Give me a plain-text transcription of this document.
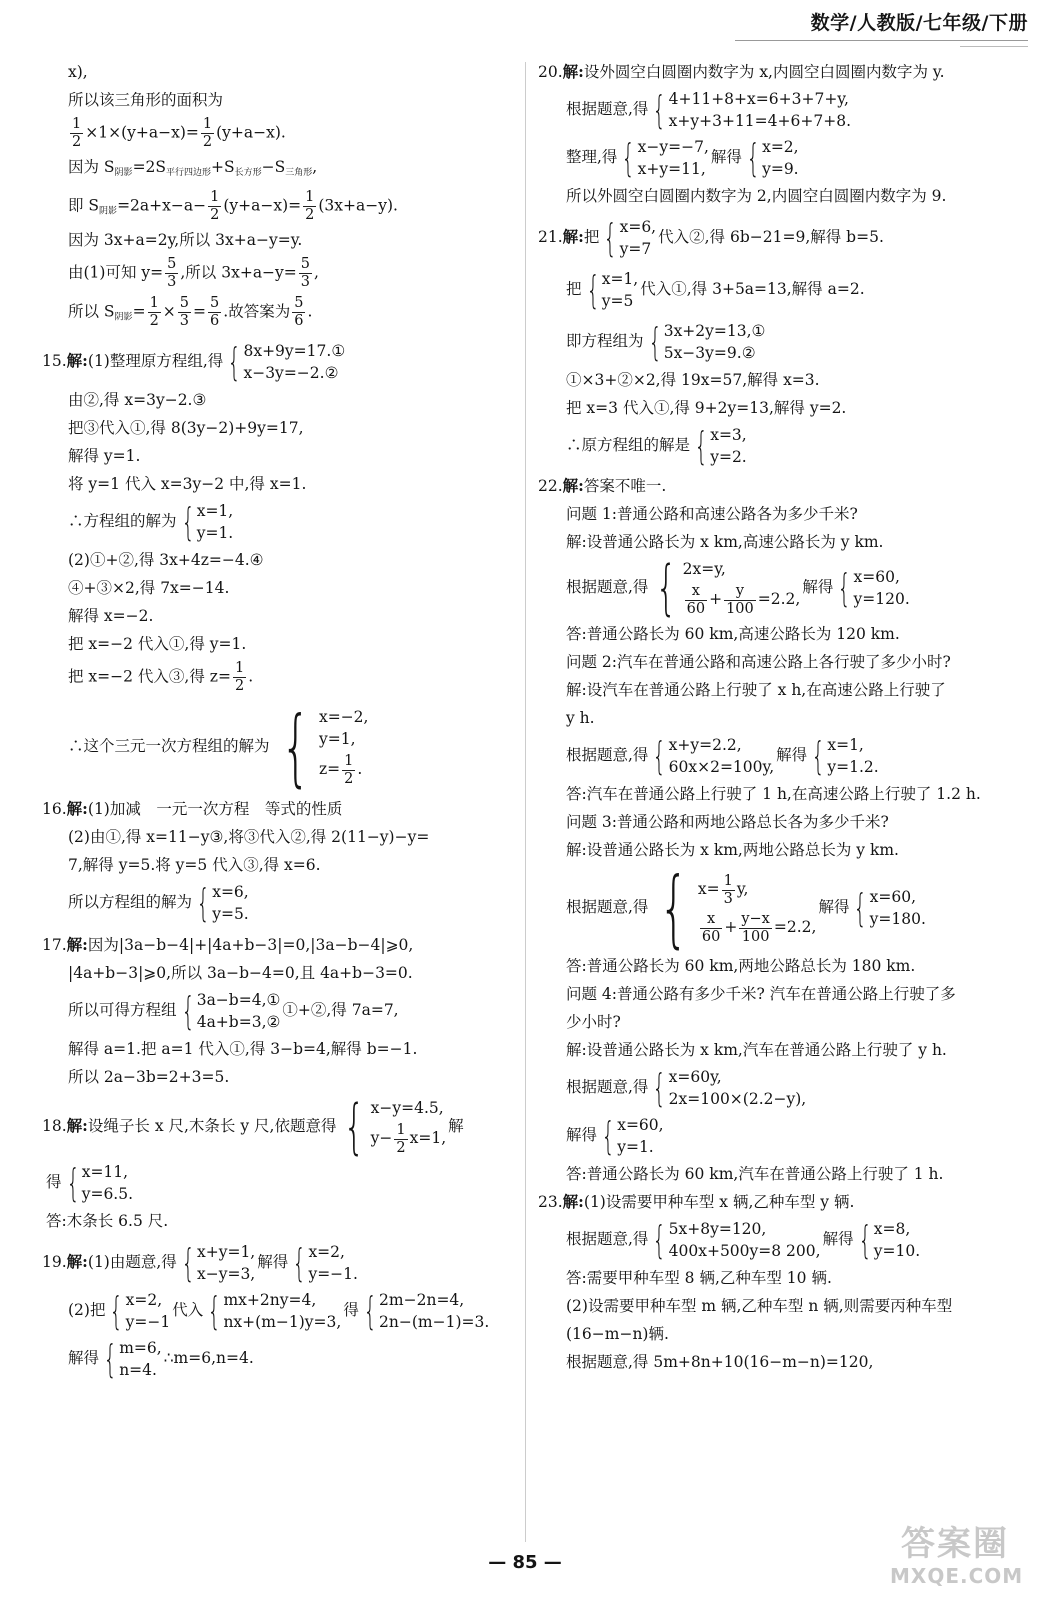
数学/人教版/七年级/下册
x),
所以该三角形的面积为
$\frac{1}{2} \times 1\times(y+a-x)= \frac{1}{2} (y+a-x)$.
因为 $S_{阴影}=2S_{平行四边形}+S_{长方形}-S_{三角形}$,
即 $S_{阴影}=2a+x-a- \frac{1}{2} (y+a-x)= \frac{1}{2} (3x+a-y)$.
因为 3x+a=2y,所以 3x+a−y=y.
由(1)可知 $y= \frac{5}{3}$ ,所以 $3x+a-y= \frac{5}{3}$ ,
所以 $S_{阴影}= \frac{1}{2} \times \frac{5}{3} = \frac{5}{6}$ .故答案为 $\frac{5}{6}$ .
15.解:(1)整理原方程组,得 { 8x+9y=17.①
x−3y=−2.②
由②,得 x=3y−2.③
把③代入①,得 8(3y−2)+9y=17,
解得 y=1.
将 y=1 代入 x=3y−2 中,得 x=1.
∴方程组的解为 { x=1,
y=1.
(2)①+②,得 3x+4z=−4.④
④+③×2,得 7x=−14.
解得 x=−2.
把 x=−2 代入①,得 y=1.
把 x=−2 代入③,得 $z= \frac{1}{2}$ .
∴这个三元一次方程组的解为 { x=−2,
y=1,
$z= \frac{1}{2}$ .
16.解:(1)加减　一元一次方程　等式的性质
(2)由①,得 x=11−y③,将③代入②,得 2(11−y)−y=
7,解得 y=5.将 y=5 代入③,得 x=6.
所以方程组的解为 { x=6,
y=5.
17.解:因为|3a−b−4|+|4a+b−3|=0,|3a−b−4|⩾0,
|4a+b−3|⩾0,所以 3a−b−4=0,且 4a+b−3=0.
所以可得方程组 { 3a−b=4,①
4a+b=3,②
①+②,得 7a=7,
解得 a=1.把 a=1 代入①,得 3−b=4,解得 b=−1.
所以 2a−3b=2+3=5.
18.解:设绳子长 x 尺,木条长 y 尺,依题意得 { x−y=4.5,
$y- \frac{1}{2} x=1$,
解
得 { x=11,
y=6.5.
答:木条长 6.5 尺.
19.解:(1)由题意,得 { x+y=1,
x−y=3,
解得 { x=2,
y=−1.
(2)把 { x=2,
y=−1
代入 { mx+2ny=4,
nx+(m−1)y=3,
得 { 2m−2n=4,
2n−(m−1)=3.
解得 { m=6,
n=4.
∴m=6,n=4.
20.解:设外圆空白圆圈内数字为 x,内圆空白圆圈内数字为 y.
根据题意,得 { 4+11+8+x=6+3+7+y,
x+y+3+11=4+6+7+8.
整理,得 { x−y=−7,
x+y=11,
解得 { x=2,
y=9.
所以外圆空白圆圈内数字为 2,内圆空白圆圈内数字为 9.
21.解:把 { x=6,
y=7
代入②,得 6b−21=9,解得 b=5.
把 { x=1,
y=5
代入①,得 3+5a=13,解得 a=2.
即方程组为 { 3x+2y=13,①
5x−3y=9.②
①×3+②×2,得 19x=57,解得 x=3.
把 x=3 代入①,得 9+2y=13,解得 y=2.
∴原方程组的解是 { x=3,
y=2.
22.解:答案不唯一.
问题 1:普通公路和高速公路各为多少千米?
解:设普通公路长为 x km,高速公路长为 y km.
根据题意,得 { 2x=y,
$\frac{x}{60} + \frac{y}{100} =2.2$,
解得 { x=60,
y=120.
答:普通公路长为 60 km,高速公路长为 120 km.
问题 2:汽车在普通公路和高速公路上各行驶了多少小时?
解:设汽车在普通公路上行驶了 x h,在高速公路上行驶了
y h.
根据题意,得 { x+y=2.2,
60x×2=100y,
解得 { x=1,
y=1.2.
答:汽车在普通公路上行驶了 1 h,在高速公路上行驶了 1.2 h.
问题 3:普通公路和两地公路总长各为多少千米?
解:设普通公路长为 x km,两地公路总长为 y km.
根据题意,得 { $x= \frac{1}{3} y$,
$\frac{x}{60} + \frac{y-x}{100} =2.2$,
解得 { x=60,
y=180.
答:普通公路长为 60 km,两地公路总长为 180 km.
问题 4:普通公路有多少千米? 汽车在普通公路上行驶了多
少小时?
解:设普通公路长为 x km,汽车在普通公路上行驶了 y h.
根据题意,得 { x=60y,
2x=100×(2.2−y),
解得 { x=60,
y=1.
答:普通公路长为 60 km,汽车在普通公路上行驶了 1 h.
23.解:(1)设需要甲种车型 x 辆,乙种车型 y 辆.
根据题意,得 { 5x+8y=120,
400x+500y=8 200,
解得 { x=8,
y=10.
答:需要甲种车型 8 辆,乙种车型 10 辆.
(2)设需要甲种车型 m 辆,乙种车型 n 辆,则需要丙种车型
(16−m−n)辆.
根据题意,得 5m+8n+10(16−m−n)=120,
— 85 —	答案圈
MXQE.COM
